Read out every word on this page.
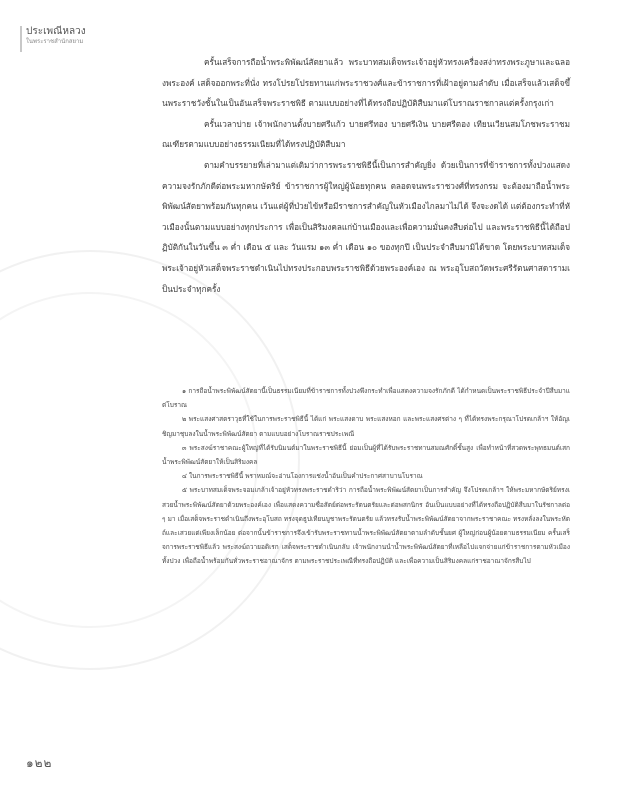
ประเพณีหลวง
ในพระราชสำนักสยาม

ครั้นเสร็จการถือน้ำพระพิพัฒน์สัตยาแล้ว พระบาทสมเด็จพระเจ้าอยู่หัวทรงเครื่องสง่าทรงพระภูษาและฉลองพระองค์ เสด็จออกพระที่นั่ง ทรงโปรยโปรยทานแก่พระราชวงศ์และข้าราชการที่เฝ้าอยู่ตามลำดับ เมื่อเสร็จแล้วเสด็จขึ้นพระราชวังชั้นในเป็นอันเสร็จพระราชพิธี ตามแบบอย่างที่ได้ทรงถือปฏิบัติสืบมาแต่โบราณราชกาลแต่ครั้งกรุงเก่า

ครั้นเวลาบ่าย เจ้าพนักงานตั้งบายศรีแก้ว บายศรีทอง บายศรีเงิน บายศรีตอง เทียนเวียนสมโภชพระราชมณเฑียรตามแบบอย่างธรรมเนียมที่ได้ทรงปฏิบัติสืบมา

ตามคำบรรยายที่เล่ามาแต่เดิมว่าการพระราชพิธีนี้เป็นการสำคัญยิ่ง ด้วยเป็นการที่ข้าราชการทั้งปวงแสดงความจงรักภักดีต่อพระมหากษัตริย์ ข้าราชการผู้ใหญ่ผู้น้อยทุกคน ตลอดจนพระราชวงศ์ที่ทรงกรม จะต้องมาถือน้ำพระพิพัฒน์สัตยาพร้อมกันทุกคน เว้นแต่ผู้ที่ป่วยไข้หรือมีราชการสำคัญในหัวเมืองไกลมาไม่ได้ จึงจะงดได้ แต่ต้องกระทำที่หัวเมืองนั้นตามแบบอย่างทุกประการ เพื่อเป็นสิริมงคลแก่บ้านเมืองและเพื่อความมั่นคงสืบต่อไป และพระราชพิธีนี้ได้ถือปฏิบัติกันในวันขึ้น ๓ ค่ำ เดือน ๕ และ วันแรม ๑๓ ค่ำ เดือน ๑๐ ของทุกปี เป็นประจำสืบมามิได้ขาด โดยพระบาทสมเด็จพระเจ้าอยู่หัวเสด็จพระราชดำเนินไปทรงประกอบพระราชพิธีด้วยพระองค์เอง ณ พระอุโบสถวัดพระศรีรัตนศาสดารามเป็นประจำทุกครั้ง

๑ การถือน้ำพระพิพัฒน์สัตยานี้เป็นธรรมเนียมที่ข้าราชการทั้งปวงพึงกระทำเพื่อแสดงความจงรักภักดี ได้กำหนดเป็นพระราชพิธีประจำปีสืบมาแต่โบราณ

๒ พระแสงศาสตราวุธที่ใช้ในการพระราชพิธีนี้ ได้แก่ พระแสงดาบ พระแสงหอก และพระแสงศรต่าง ๆ ที่ได้ทรงพระกรุณาโปรดเกล้าฯ ให้อัญเชิญมาชุบลงในน้ำพระพิพัฒน์สัตยา ตามแบบอย่างโบราณราชประเพณี

๓ พระสงฆ์ราชาคณะผู้ใหญ่ที่ได้รับนิมนต์มาในพระราชพิธีนี้ ย่อมเป็นผู้ที่ได้รับพระราชทานสมณศักดิ์ชั้นสูง เพื่อทำหน้าที่สวดพระพุทธมนต์เสกน้ำพระพิพัฒน์สัตยาให้เป็นสิริมงคล

๔ ในการพระราชพิธีนี้ พราหมณ์จะอ่านโองการแช่งน้ำอันเป็นคำประกาศสาบานโบราณ

๕ พระบาทสมเด็จพระจอมเกล้าเจ้าอยู่หัวทรงพระราชดำริว่า การถือน้ำพระพิพัฒน์สัตยาเป็นการสำคัญ จึงโปรดเกล้าฯ ให้พระมหากษัตริย์ทรงเสวยน้ำพระพิพัฒน์สัตยาด้วยพระองค์เอง เพื่อแสดงความซื่อสัตย์ต่อพระรัตนตรัยและต่อพสกนิกร อันเป็นแบบอย่างที่ได้ทรงถือปฏิบัติสืบมาในรัชกาลต่อ ๆ มา เมื่อเสด็จพระราชดำเนินถึงพระอุโบสถ ทรงจุดธูปเทียนบูชาพระรัตนตรัย แล้วทรงรับน้ำพระพิพัฒน์สัตยาจากพระราชาคณะ ทรงหลั่งลงในพระหัตถ์และเสวยแต่เพียงเล็กน้อย ต่อจากนั้นข้าราชการจึงเข้ารับพระราชทานน้ำพระพิพัฒน์สัตยาตามลำดับชั้นยศ ผู้ใหญ่ก่อนผู้น้อยตามธรรมเนียม ครั้นเสร็จการพระราชพิธีแล้ว พระสงฆ์ถวายอดิเรก เสด็จพระราชดำเนินกลับ เจ้าพนักงานนำน้ำพระพิพัฒน์สัตยาที่เหลือไปแจกจ่ายแก่ข้าราชการตามหัวเมืองทั้งปวง เพื่อถือน้ำพร้อมกันทั่วพระราชอาณาจักร ตามพระราชประเพณีที่ทรงถือปฏิบัติ และเพื่อความเป็นสิริมงคลแก่ราชอาณาจักรสืบไป

๑๒๒
